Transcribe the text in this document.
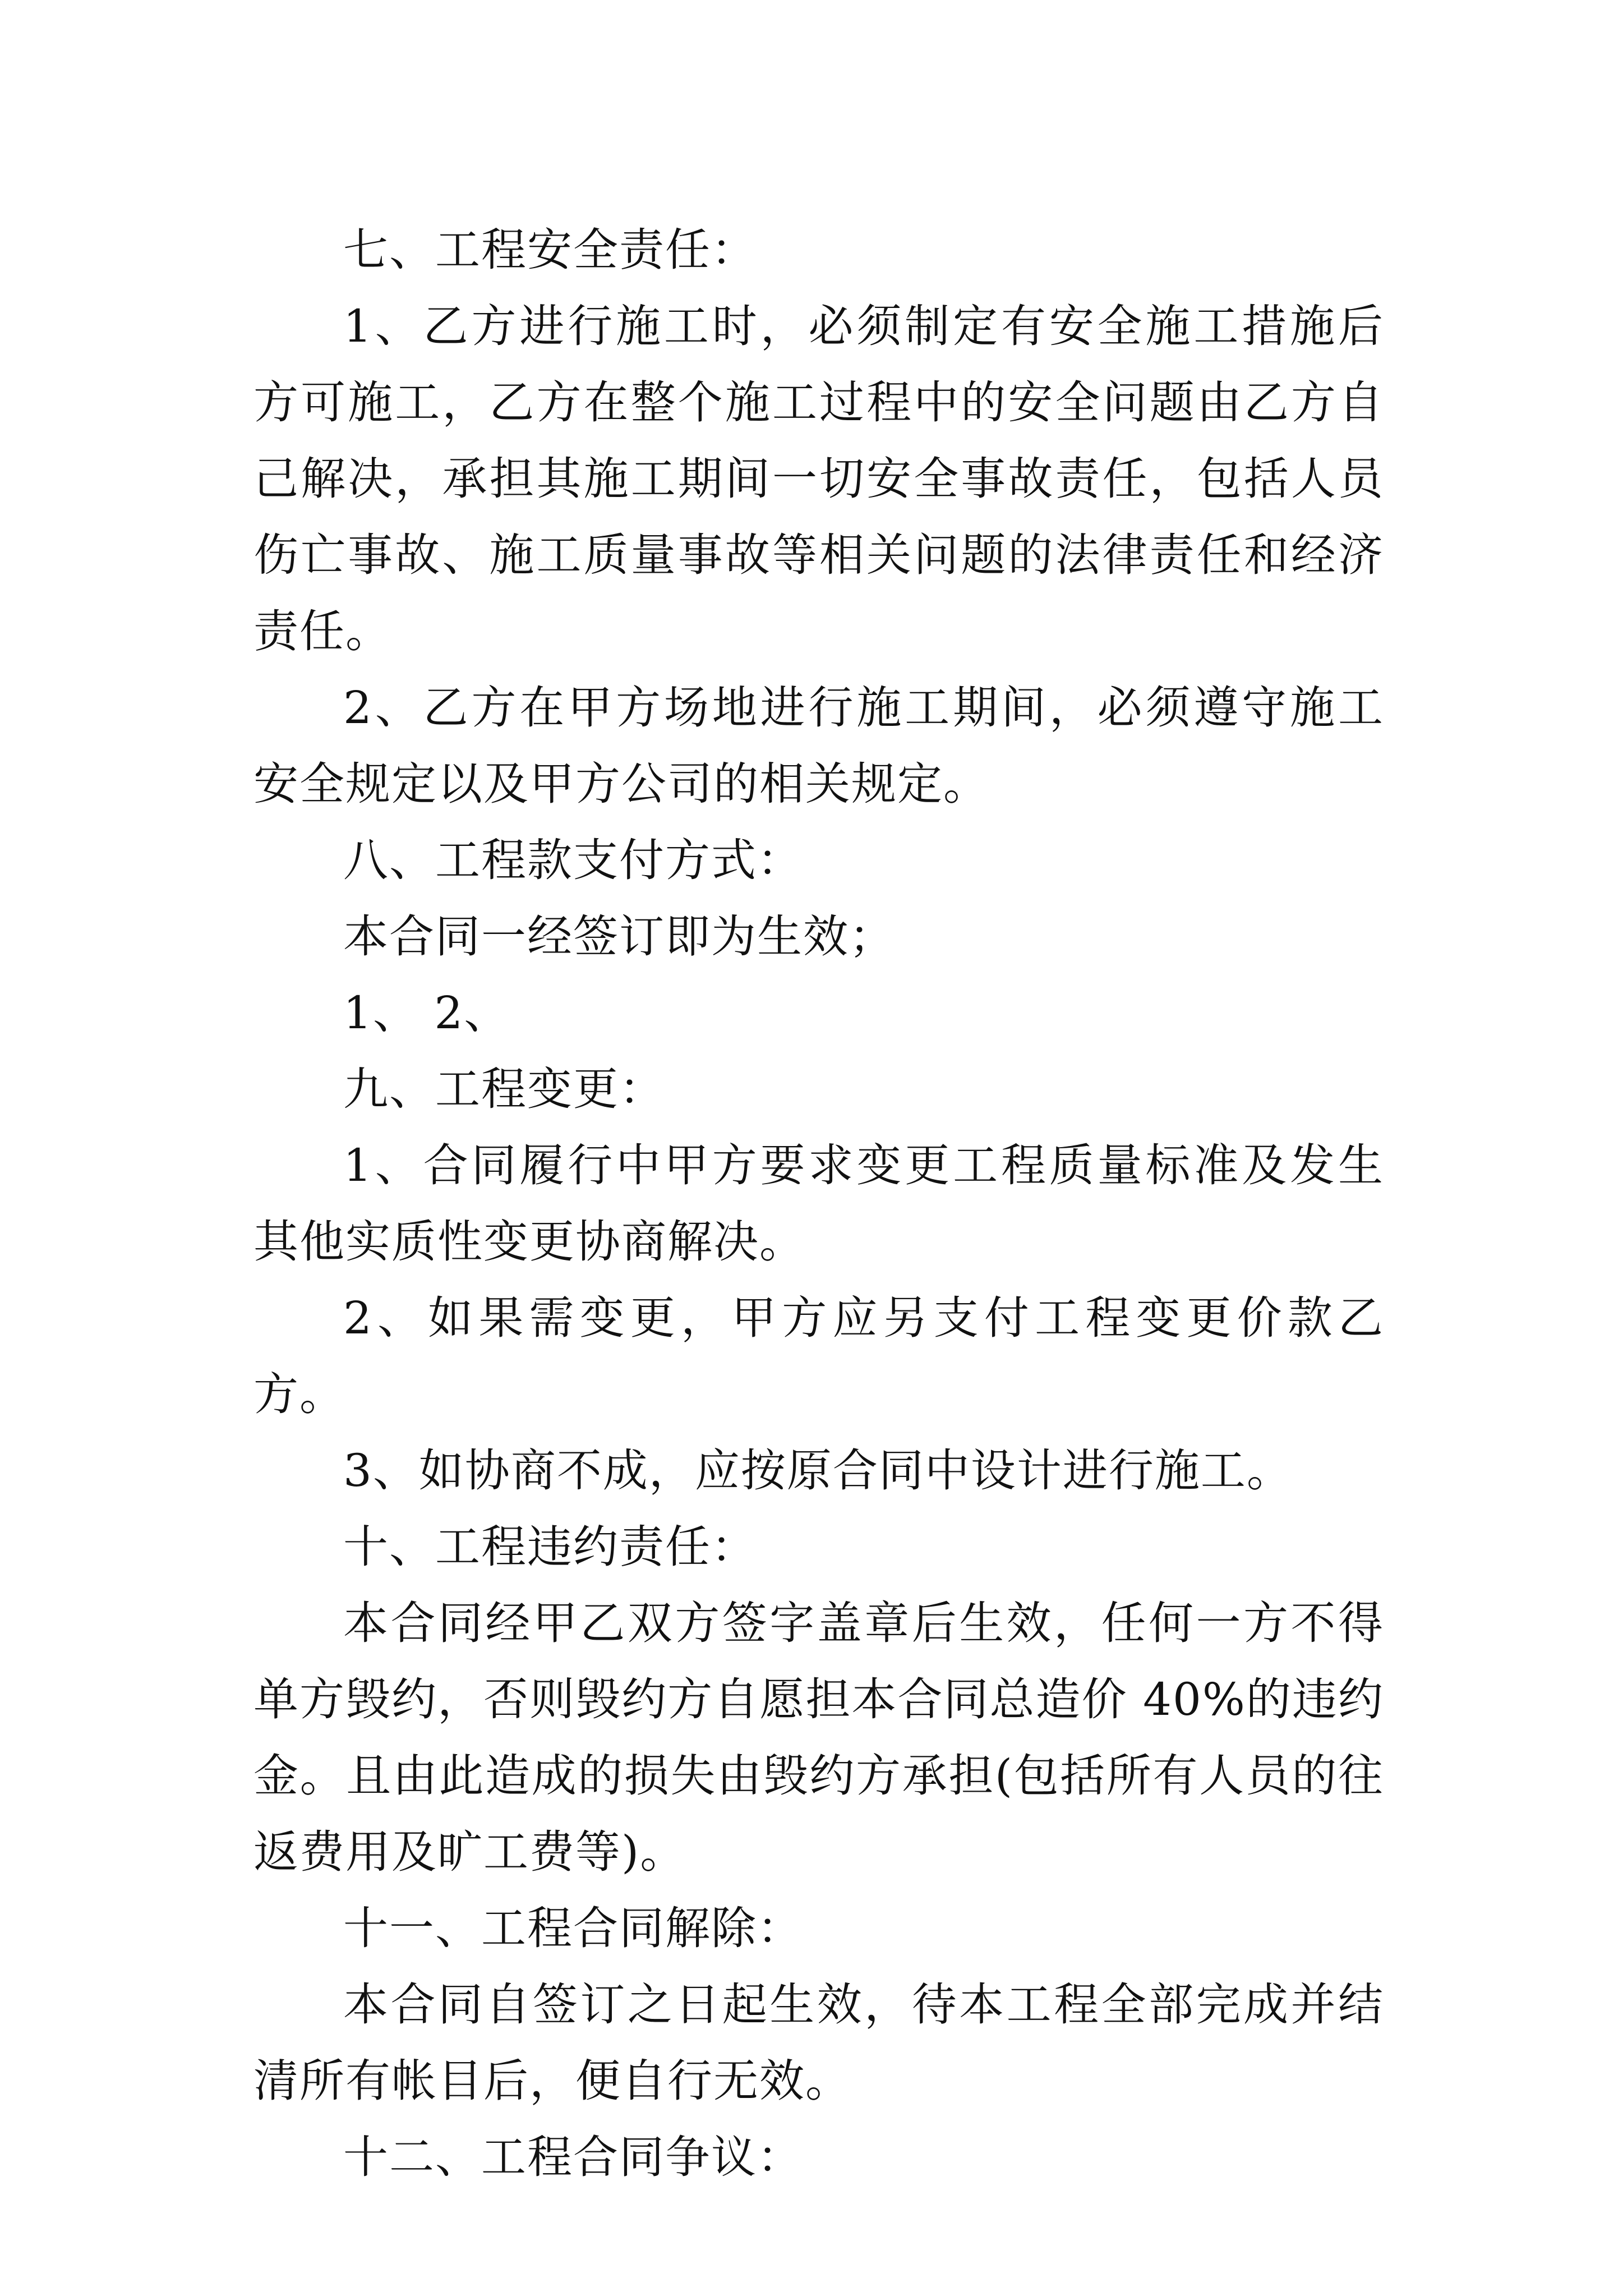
七、工程安全责任：

1、乙方进行施工时，必须制定有安全施工措施后方可施工，乙方在整个施工过程中的安全问题由乙方自己解决，承担其施工期间一切安全事故责任，包括人员伤亡事故、施工质量事故等相关问题的法律责任和经济责任。

2、乙方在甲方场地进行施工期间，必须遵守施工安全规定以及甲方公司的相关规定。

八、工程款支付方式：

本合同一经签订即为生效；

1、 2、

九、工程变更：

1、合同履行中甲方要求变更工程质量标准及发生其他实质性变更协商解决。

2、如果需变更，甲方应另支付工程变更价款乙方。

3、如协商不成，应按原合同中设计进行施工。

十、工程违约责任：

本合同经甲乙双方签字盖章后生效，任何一方不得单方毁约，否则毁约方自愿担本合同总造价 40%的违约金。且由此造成的损失由毁约方承担(包括所有人员的往返费用及旷工费等)。

十一、工程合同解除：

本合同自签订之日起生效，待本工程全部完成并结清所有帐目后，便自行无效。

十二、工程合同争议：
